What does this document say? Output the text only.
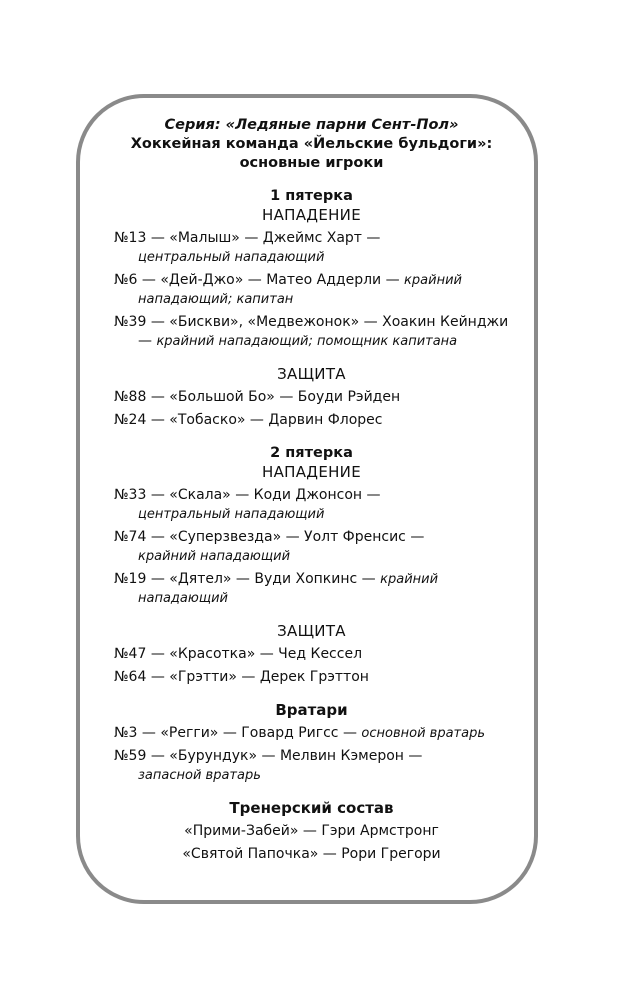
Серия: «Ледяные парни Сент-Пол»
Хоккейная команда «Йельские бульдоги»:
основные игроки
1 пятерка
НАПАДЕНИЕ
№13 — «Малыш» — Джеймс Харт —
центральный нападающий
№6 — «Дей-Джо» — Матео Аддерли — крайний нападающий; капитан
№39 — «Бискви», «Медвежонок» — Хоакин Кейнджи — крайний нападающий; помощник капитана
ЗАЩИТА
№88 — «Большой Бо» — Боуди Рэйден
№24 — «Тобаско» — Дарвин Флорес
2 пятерка
НАПАДЕНИЕ
№33 — «Скала» — Коди Джонсон —
центральный нападающий
№74 — «Суперзвезда» — Уолт Френсис —
крайний нападающий
№19 — «Дятел» — Вуди Хопкинс — крайний нападающий
ЗАЩИТА
№47 — «Красотка» — Чед Кессел
№64 — «Грэтти» — Дерек Грэттон
Вратари
№3 — «Регги» — Говард Ригсс — основной вратарь
№59 — «Бурундук» — Мелвин Кэмерон —
запасной вратарь
Тренерский состав
«Прими-Забей» — Гэри Армстронг
«Святой Папочка» — Рори Грегори
